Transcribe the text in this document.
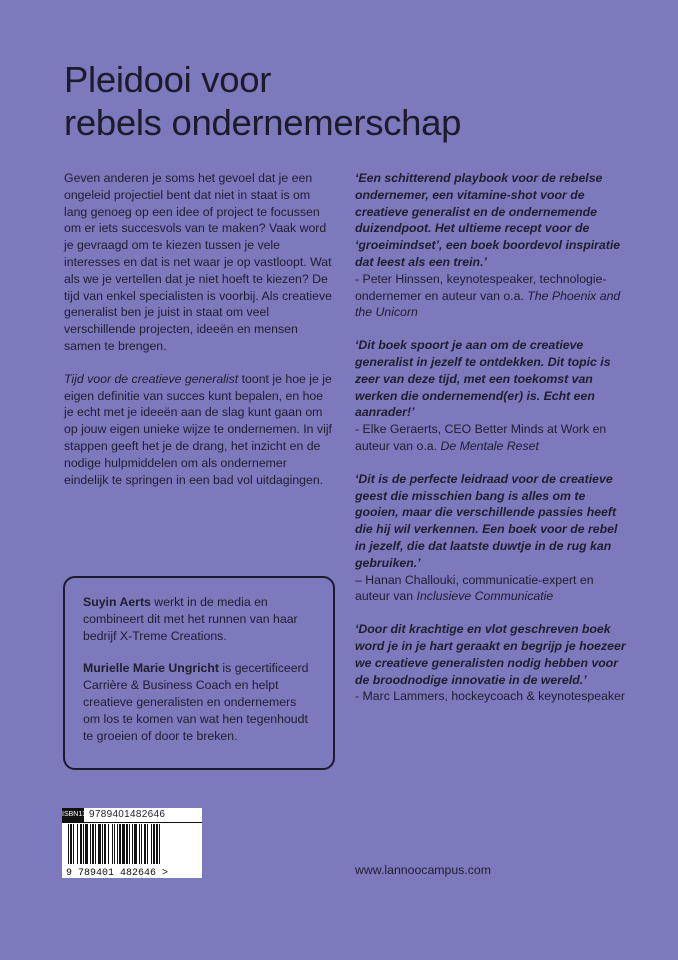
Pleidooi voor
rebels ondernemerschap

Geven anderen je soms het gevoel dat je een ongeleid projectiel bent dat niet in staat is om lang genoeg op een idee of project te focussen om er iets succesvols van te maken? Vaak word je gevraagd om te kiezen tussen je vele interesses en dat is net waar je op vastloopt. Wat als we je vertellen dat je niet hoeft te kiezen? De tijd van enkel specialisten is voorbij. Als creatieve generalist ben je juist in staat om veel verschillende projecten, ideeën en mensen samen te brengen.

Tijd voor de creatieve generalist toont je hoe je je eigen definitie van succes kunt bepalen, en hoe je echt met je ideeën aan de slag kunt gaan om op jouw eigen unieke wijze te ondernemen. In vijf stappen geeft het je de drang, het inzicht en de nodige hulpmiddelen om als ondernemer eindelijk te springen in een bad vol uitdagingen.

‘Een schitterend playbook voor de rebelse ondernemer, een vitamine-shot voor de creatieve generalist en de ondernemende duizendpoot. Het ultieme recept voor de ‘groeimindset’, een boek boordevol inspiratie dat leest als een trein.’
- Peter Hinssen, keynotespeaker, technologie-ondernemer en auteur van o.a. The Phoenix and the Unicorn
‘Dit boek spoort je aan om de creatieve generalist in jezelf te ontdekken. Dit topic is zeer van deze tijd, met een toekomst van werken die ondernemend(er) is. Echt een aanrader!’
- Elke Geraerts, CEO Better Minds at Work en auteur van o.a. De Mentale Reset
‘Dit is de perfecte leidraad voor de creatieve geest die misschien bang is alles om te gooien, maar die verschillende passies heeft die hij wil verkennen. Een boek voor de rebel in jezelf, die dat laatste duwtje in de rug kan gebruiken.’
– Hanan Challouki, communicatie-expert en auteur van Inclusieve Communicatie
‘Door dit krachtige en vlot geschreven boek word je in je hart geraakt en begrijp je hoezeer we creatieve generalisten nodig hebben voor de broodnodige innovatie in de wereld.’
- Marc Lammers, hockeycoach & keynotespeaker

Suyin Aerts werkt in de media en combineert dit met het runnen van haar bedrijf X-Treme Creations.

Murielle Marie Ungricht is gecertificeerd Carrière & Business Coach en helpt creatieve generalisten en ondernemers om los te komen van wat hen tegenhoudt te groeien of door te breken.

ISBN13 9789401482646
9 789401 482646 >	www.lannoocampus.com
